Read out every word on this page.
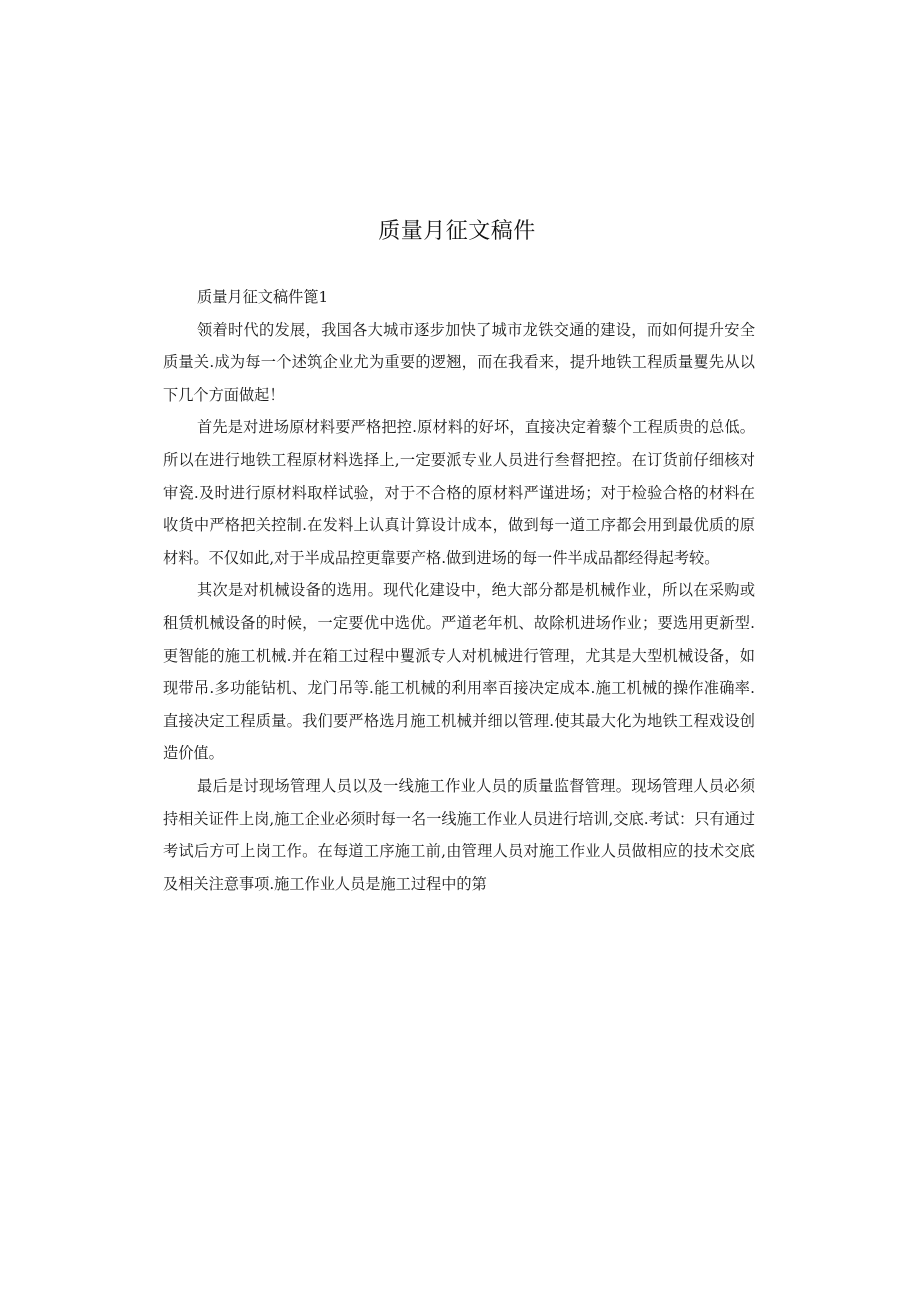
质量月征文稿件

质量月征文稿件篦1

领着时代的发展，我国各大城市逐步加快了城市龙铁交通的建设，而如何提升安全质量关.成为每一个述筑企业尤为重要的逻翘，而在我看来，提升地铁工程质量矍先从以下几个方面做起！

首先是对进场原材料要严格把控.原材料的好坏，直接决定着藜个工程质贵的总低。所以在进行地铁工程原材料选择上,一定要派专业人员进行叁督把控。在订货前仔细核对审瓷.及时进行原材料取样试验，对于不合格的原材料严谨进场；对于检验合格的材料在收货中严格把关控制.在发料上认真计算设计成本，做到每一道工序都会用到最优质的原材料。不仅如此,对于半成品控更靠要产格.做到进场的每一件半成品都经得起考较。

其次是对机械设备的选用。现代化建设中，绝大部分都是机械作业，所以在采购或租赁机械设备的时候，一定要优中选优。严道老年机、故除机进场作业；要选用更新型.更智能的施工机械.并在箱工过程中矍派专人对机械进行管理，尤其是大型机械设备，如现带吊.多功能钻机、龙门吊等.能工机械的利用率百接决定成本.施工机械的操作准确率.直接决定工程质量。我们要严格选月施工机械并细以管理.使其最大化为地铁工程戏设创造价值。

最后是讨现场管理人员以及一线施工作业人员的质量监督管理。现场管理人员必须持相关证件上岗,施工企业必须时每一名一线施工作业人员进行培训,交底.考试：只有通过考试后方可上岗工作。在每道工序施工前,由管理人员对施工作业人员做相应的技术交底及相关注意事项.施工作业人员是施工过程中的第
